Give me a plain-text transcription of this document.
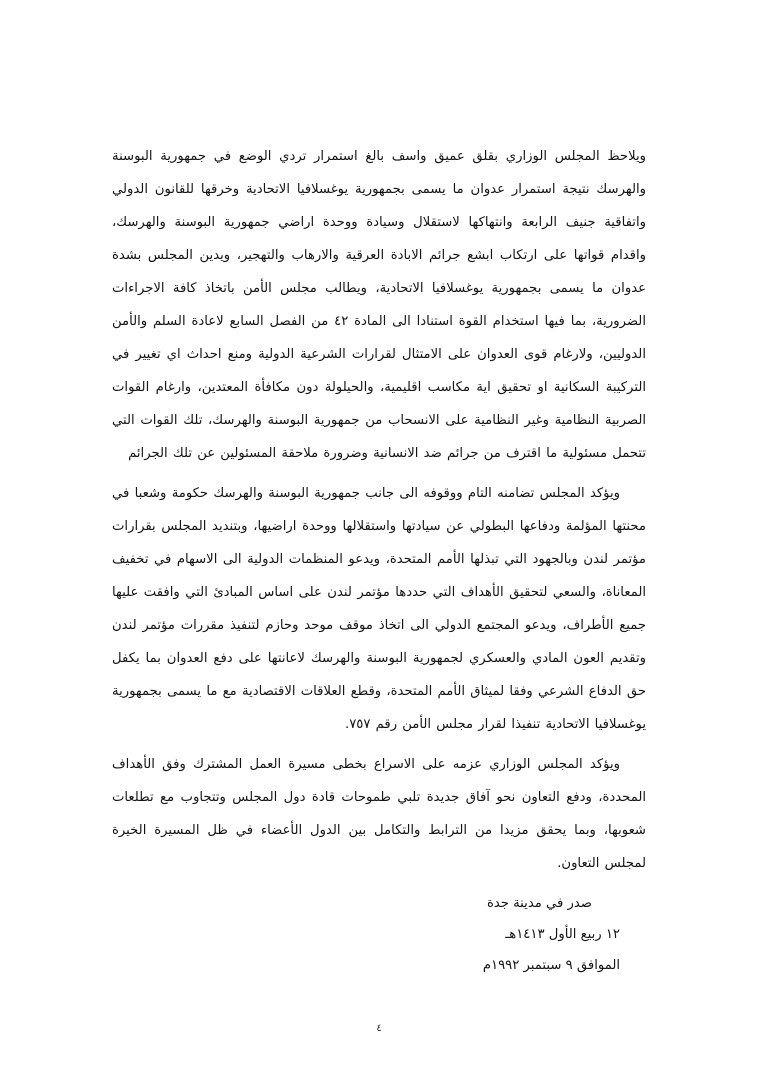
ويلاحظ المجلس الوزاري بقلق عميق واسف بالغ استمرار تردي الوضع في جمهورية البوسنة والهرسك نتيجة استمرار عدوان ما يسمى بجمهورية يوغسلافيا الاتحادية وخرقها للقانون الدولي واتفاقية جنيف الرابعة وانتهاكها لاستقلال وسيادة ووحدة اراضي جمهورية البوسنة والهرسك، واقدام قواتها على ارتكاب ابشع جرائم الابادة العرقية والارهاب والتهجير، ويدين المجلس بشدة عدوان ما يسمى بجمهورية يوغسلافيا الاتحادية، ويطالب مجلس الأمن باتخاذ كافة الاجراءات الضرورية، بما فيها استخدام القوة استنادا الى المادة ٤٢ من الفصل السابع لاعادة السلم والأمن الدوليين، ولارغام قوى العدوان على الامتثال لقرارات الشرعية الدولية ومنع احداث اي تغيير في التركيبة السكانية او تحقيق اية مكاسب اقليمية، والحيلولة دون مكافأة المعتدين، وارغام القوات الصربية النظامية وغير النظامية على الانسحاب من جمهورية البوسنة والهرسك، تلك القوات التي تتحمل مسئولية ما اقترف من جرائم ضد الانسانية وضرورة ملاحقة المسئولين عن تلك الجرائم

ويؤكد المجلس تضامنه التام ووقوفه الى جانب جمهورية البوسنة والهرسك حكومة وشعبا في محنتها المؤلمة ودفاعها البطولي عن سيادتها واستقلالها ووحدة اراضيها، وبتنديد المجلس بقرارات مؤتمر لندن وبالجهود التي تبذلها الأمم المتحدة، ويدعو المنظمات الدولية الى الاسهام في تخفيف المعاناة، والسعي لتحقيق الأهداف التي حددها مؤتمر لندن على اساس المبادئ التي وافقت عليها جميع الأطراف، ويدعو المجتمع الدولي الى اتخاذ موقف موحد وحازم لتنفيذ مقررات مؤتمر لندن وتقديم العون المادي والعسكري لجمهورية البوسنة والهرسك لاعانتها على دفع العدوان بما يكفل حق الدفاع الشرعي وفقا لميثاق الأمم المتحدة، وقطع العلاقات الاقتصادية مع ما يسمى بجمهورية يوغسلافيا الاتحادية تنفيذا لقرار مجلس الأمن رقم ٧٥٧.

ويؤكد المجلس الوزاري عزمه على الاسراع بخطى مسيرة العمل المشترك وفق الأهداف المحددة، ودفع التعاون نحو آفاق جديدة تلبي طموحات قادة دول المجلس وتتجاوب مع تطلعات شعوبها، وبما يحقق مزيدا من الترابط والتكامل بين الدول الأعضاء في ظل المسيرة الخيرة لمجلس التعاون.

صدر في مدينة جدة
١٢ ربيع الأول ١٤١٣هـ
الموافق ٩ سبتمبر ١٩٩٢م
٤
